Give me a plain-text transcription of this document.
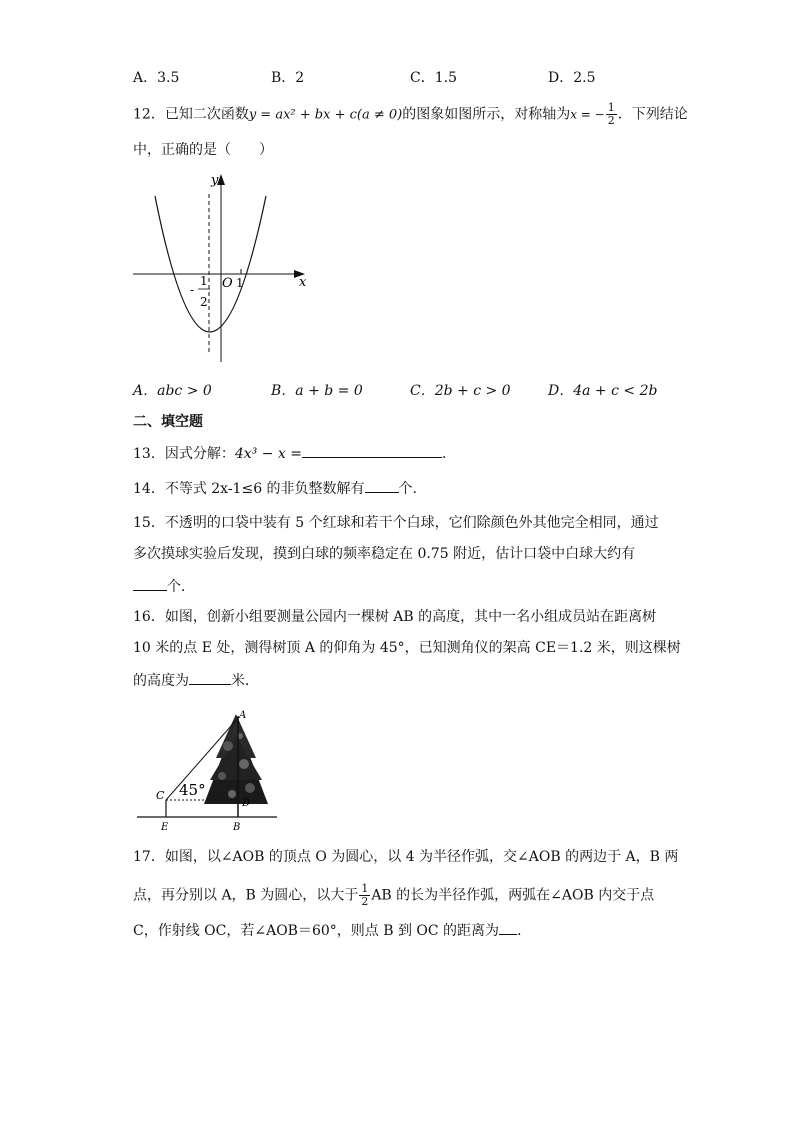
A．3.5	B．2	C．1.5	D．2.5
12．已知二次函数y = ax² + bx + c(a ≠ 0)的图象如图所示，对称轴为x = − $\frac{1}{2}$ ．下列结论
中，正确的是（　　）
y
x
O 1
1
-
2
A．abc > 0	B．a + b = 0	C．2b + c > 0	D．4a + c < 2b
二、填空题
13．因式分解：4x³ − x =	.
14．不等式 2x-1≤6 的非负整数解有 个.
15．不透明的口袋中装有 5 个红球和若干个白球，它们除颜色外其他完全相同，通过
多次摸球实验后发现，摸到白球的频率稳定在 0.75 附近，估计口袋中白球大约有
个．
16．如图，创新小组要测量公园内一棵树 AB 的高度，其中一名小组成员站在距离树
10 米的点 E 处，测得树顶 A 的仰角为 45°，已知测角仪的架高 CE＝1.2 米，则这棵树
的高度为	米．
A
C
D
E	B
45°
17．如图，以∠AOB 的顶点 O 为圆心，以 4 为半径作弧，交∠AOB 的两边于 A，B 两
点，再分别以 A，B 为圆心，以大于 $\frac{1}{2}$ AB 的长为半径作弧，两弧在∠AOB 内交于点
C，作射线 OC，若∠AOB＝60°，则点 B 到 OC 的距离为 ．
